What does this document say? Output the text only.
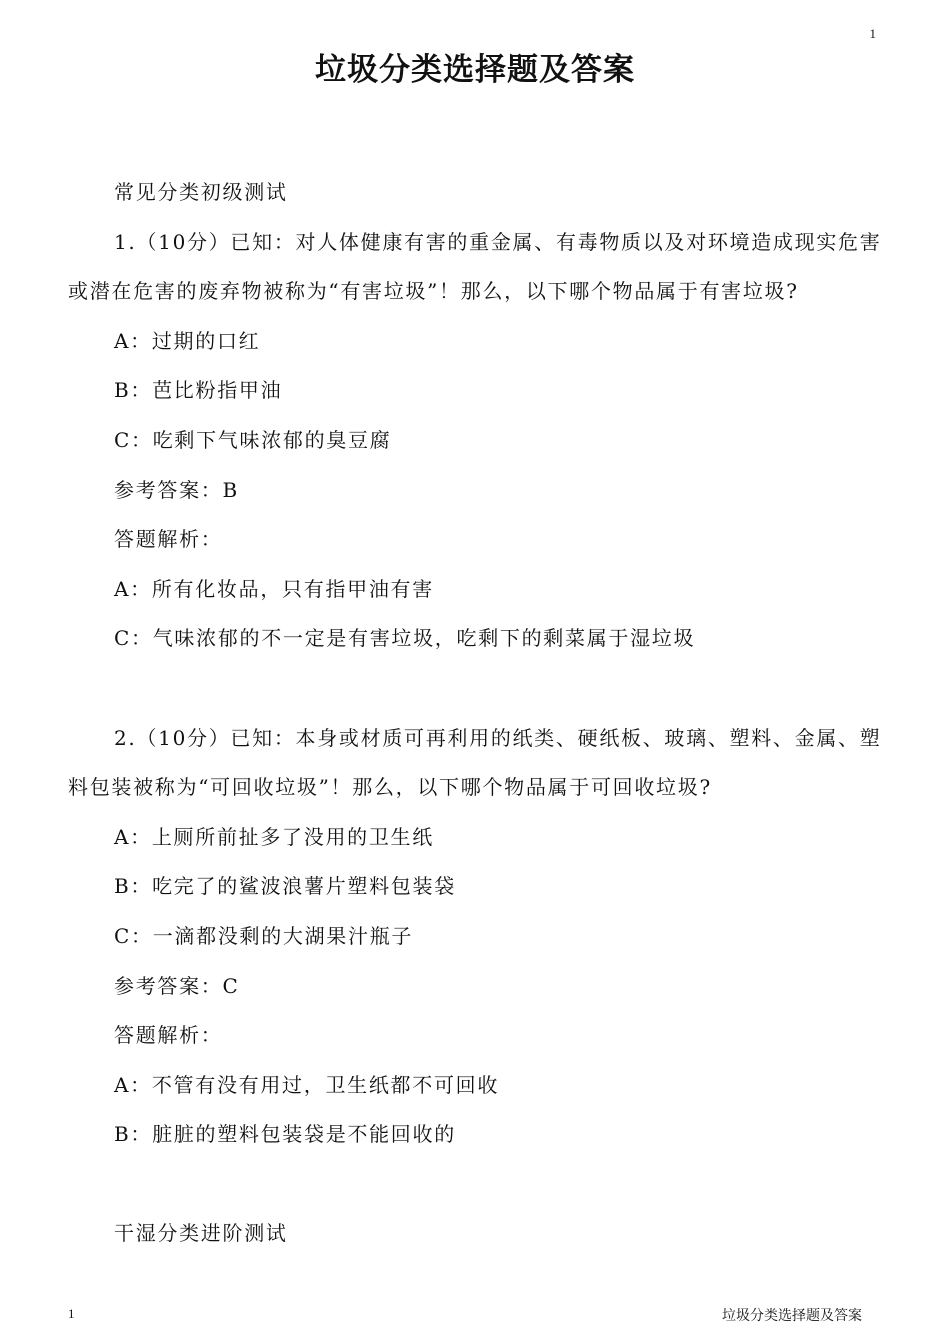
1
垃圾分类选择题及答案

常见分类初级测试

1.（10分）已知：对人体健康有害的重金属、有毒物质以及对环境造成现实危害或潜在危害的废弃物被称为“有害垃圾”！那么，以下哪个物品属于有害垃圾?

A：过期的口红

B：芭比粉指甲油

C：吃剩下气味浓郁的臭豆腐

参考答案：B

答题解析：

A：所有化妆品，只有指甲油有害

C：气味浓郁的不一定是有害垃圾，吃剩下的剩菜属于湿垃圾

2.（10分）已知：本身或材质可再利用的纸类、硬纸板、玻璃、塑料、金属、塑料包装被称为“可回收垃圾”！那么，以下哪个物品属于可回收垃圾?

A：上厕所前扯多了没用的卫生纸

B：吃完了的鲨波浪薯片塑料包装袋

C：一滴都没剩的大湖果汁瓶子

参考答案：C

答题解析：

A：不管有没有用过，卫生纸都不可回收

B：脏脏的塑料包装袋是不能回收的

干湿分类进阶测试

1	垃圾分类选择题及答案
